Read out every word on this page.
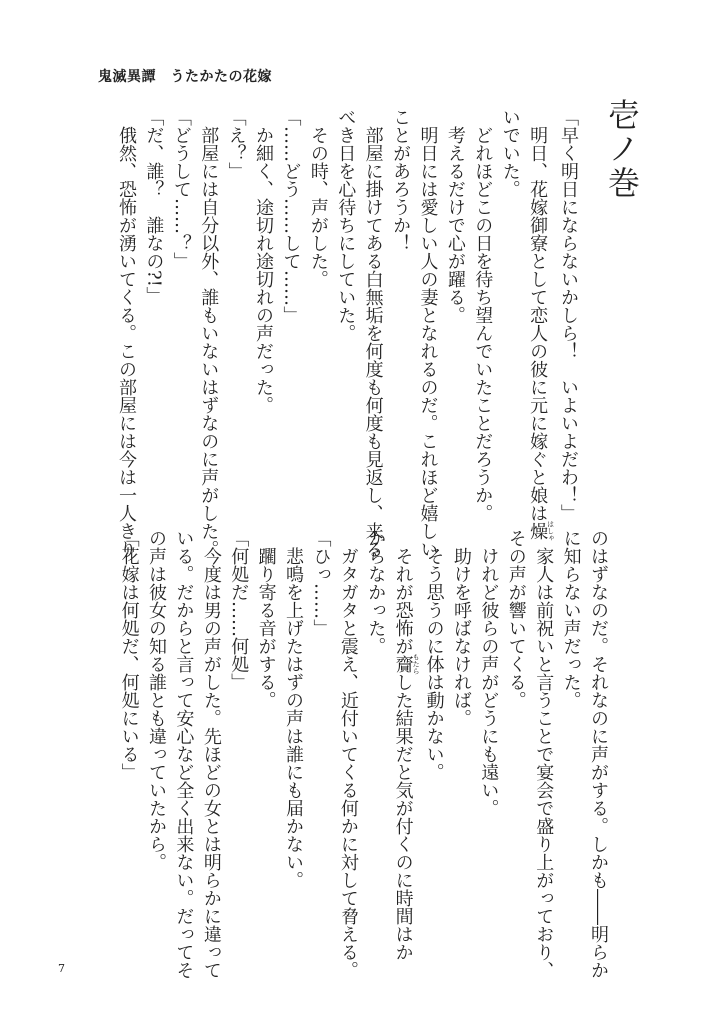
鬼滅異譚　うたかたの花嫁
壱ノ巻

「早く明日にならないかしら！　いよいよだわ！」

明日、花嫁御寮として恋人の彼に元に嫁ぐと娘は燥はしゃ

いでいた。

どれほどこの日を待ち望んでいたことだろうか。

考えるだけで心が躍る。

明日には愛しい人の妻となれるのだ。これほど嬉しい

ことがあろうか！

部屋に掛けてある白無垢を何度も何度も見返し、来る

べき日を心待ちにしていた。

その時、声がした。

「……どう……して……」

か細く、途切れ途切れの声だった。

「え？」

部屋には自分以外、誰もいないはずなのに声がした。

「どうして……？」

「だ、誰？　誰なの?!」

俄然、恐怖が湧いてくる。この部屋には今は一人きり

のはずなのだ。それなのに声がする。しかも――明らか

に知らない声だった。

家人は前祝いと言うことで宴会で盛り上がっており、

その声が響いてくる。

けれど彼らの声がどうにも遠い。

助けを呼ばなければ。

そう思うのに体は動かない。

それが恐怖が齎もたらした結果だと気が付くのに時間はか

からなかった。

ガタガタと震え、近付いてくる何かに対して脅える。

「ひっ……」

悲鳴を上げたはずの声は誰にも届かない。

躙り寄る音がする。

「何処だ……何処」

今度は男の声がした。先ほどの女とは明らかに違って

いる。だからと言って安心など全く出来ない。だってそ

の声は彼女の知る誰とも違っていたから。

「花嫁は何処だ、何処にいる」

7
